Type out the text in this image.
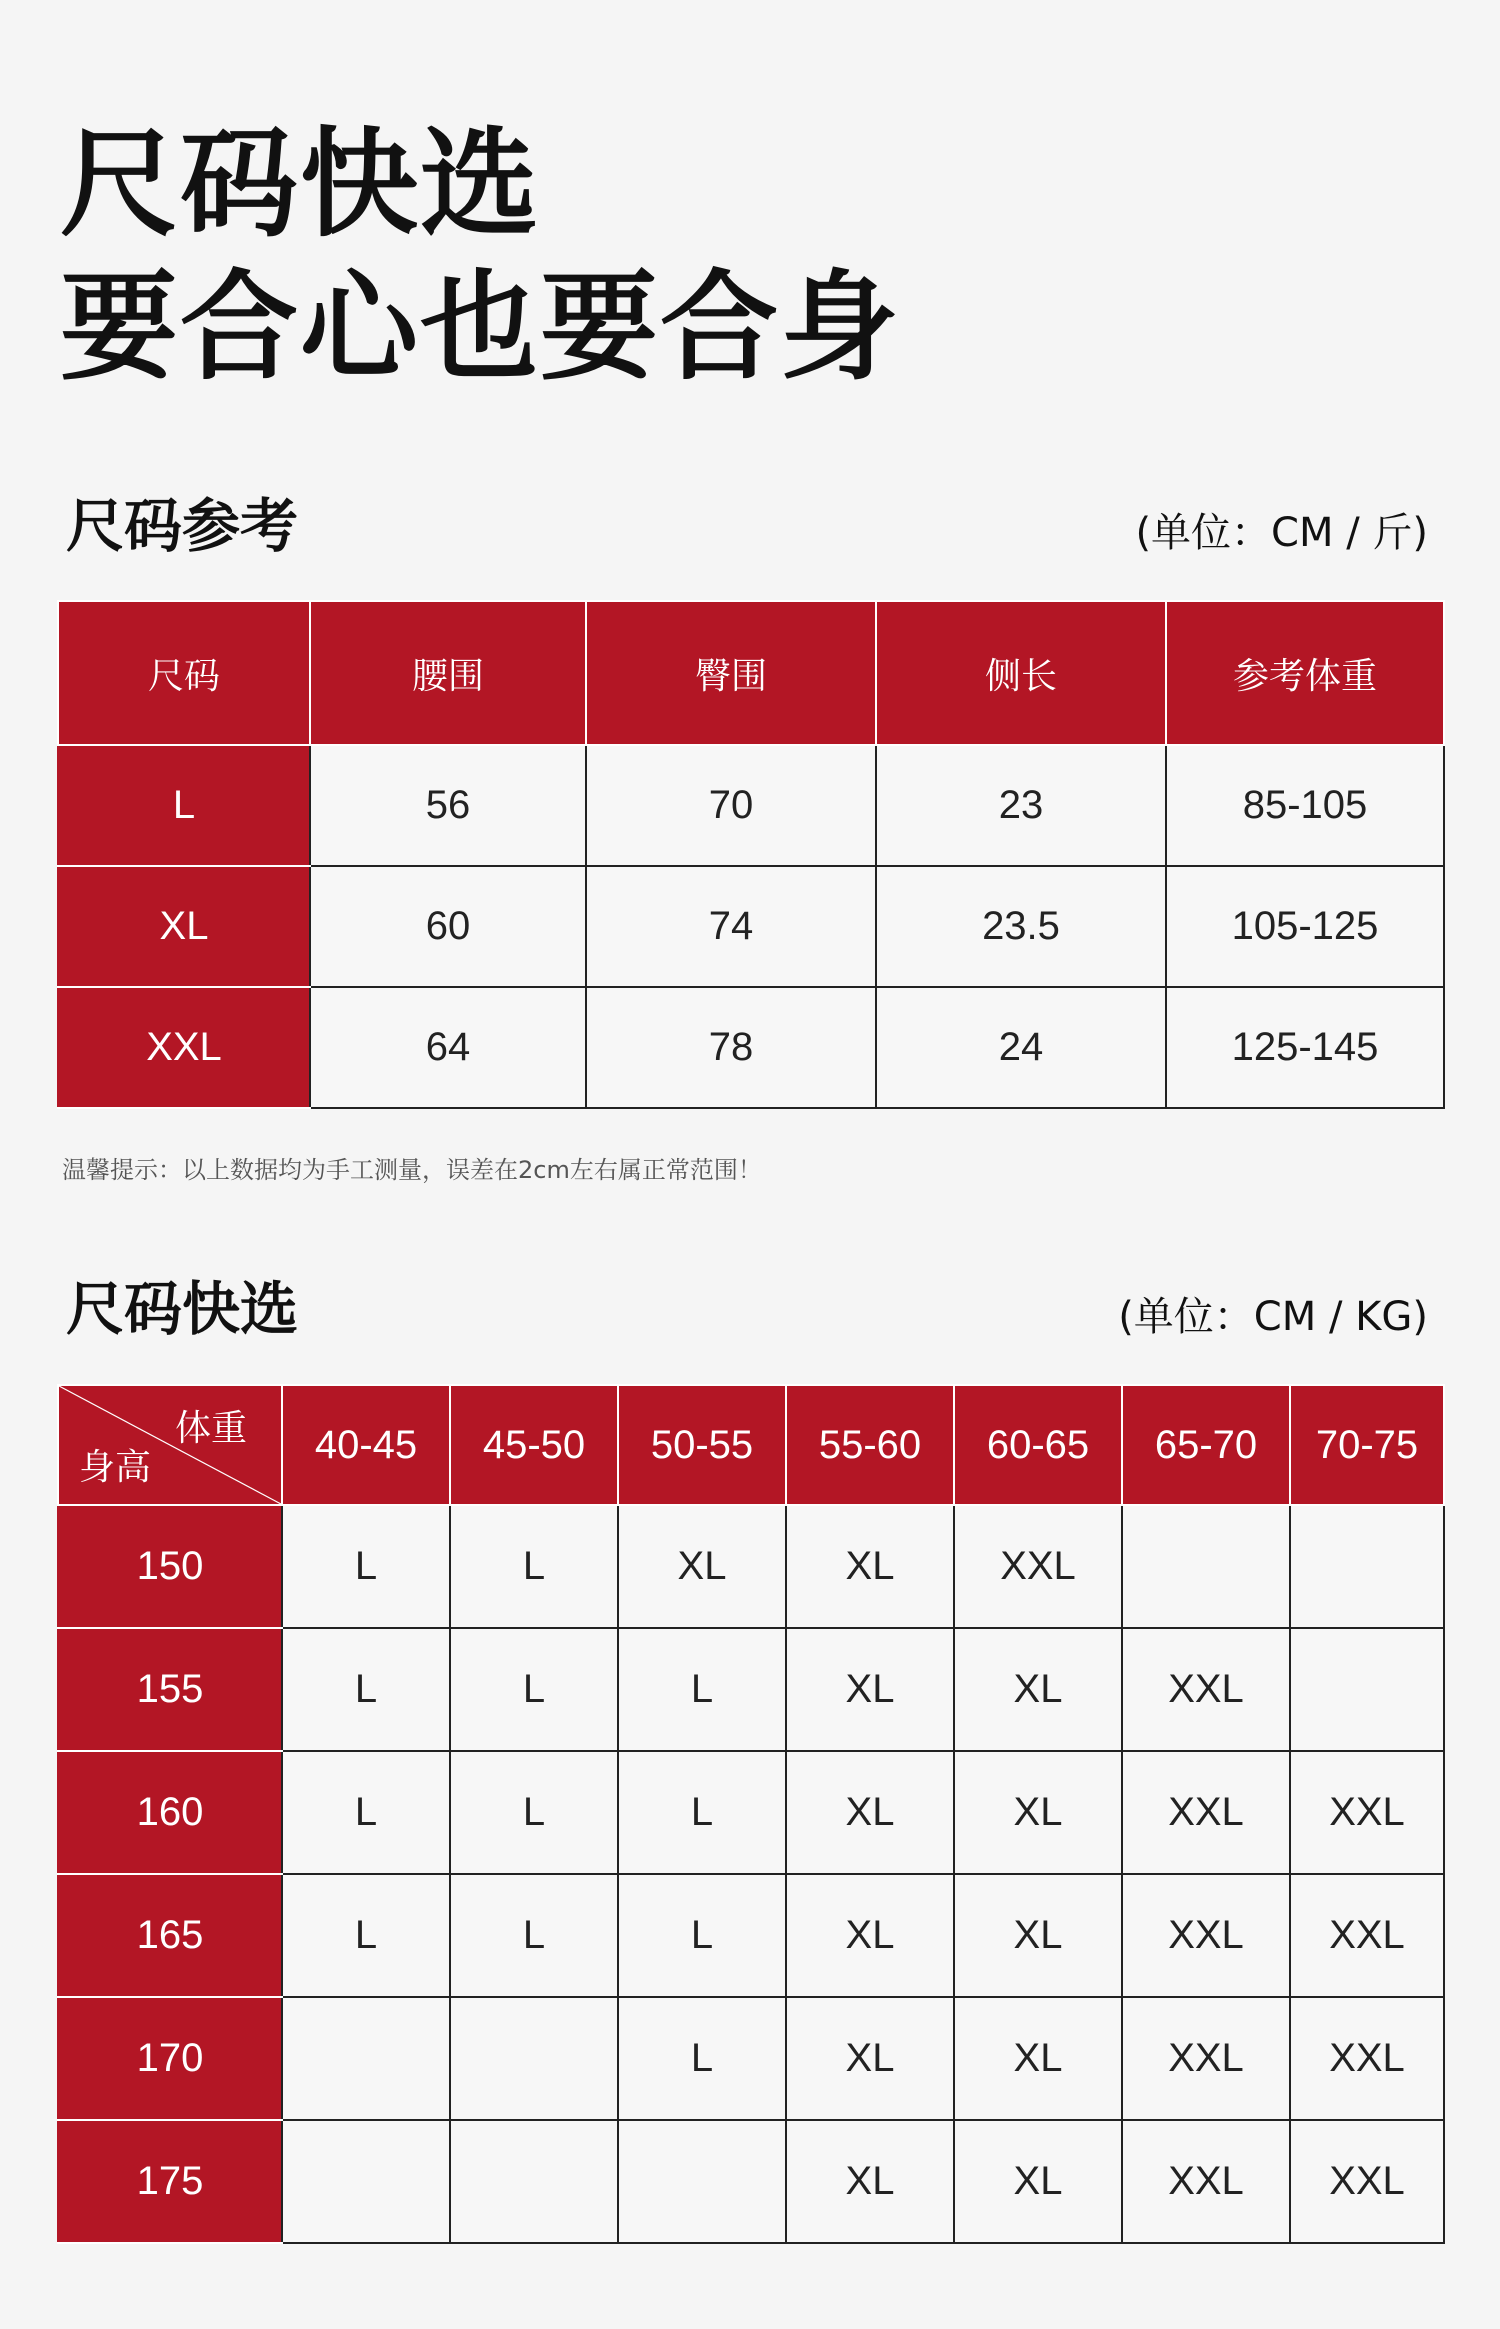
尺码快选
要合心也要合身
尺码参考	(单位：CM / 斤)
尺码	腰围	臀围	侧长	参考体重
L	56	70	23	85-105
XL	60	74	23.5	105-125
XXL	64	78	24	125-145
温馨提示：以上数据均为手工测量，误差在2cm左右属正常范围！
尺码快选	(单位：CM / KG)
体重
身高	40-45	45-50	50-55	55-60	60-65	65-70	70-75
150	L	L	XL	XL	XXL		
155	L	L	L	XL	XL	XXL	
160	L	L	L	XL	XL	XXL	XXL
165	L	L	L	XL	XL	XXL	XXL
170			L	XL	XL	XXL	XXL
175				XL	XL	XXL	XXL
